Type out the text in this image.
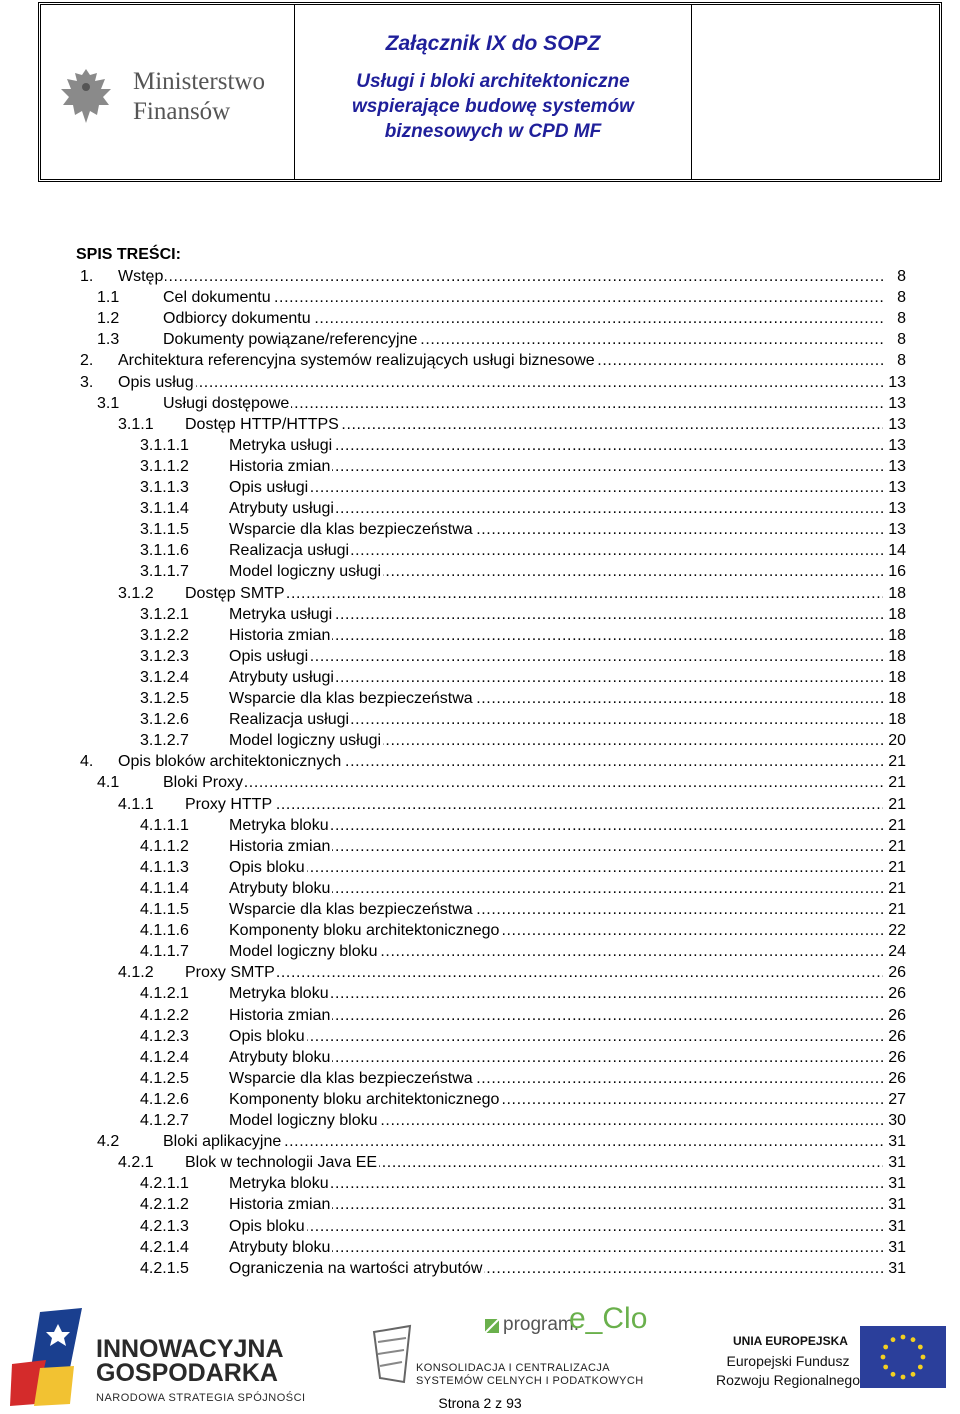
Ministerstwo
Finansów
Załącznik IX do SOPZ
Usługi i bloki architektoniczne
wspierające budowę systemów
biznesowych w CPD MF
SPIS TREŚCI:
1. Wstęp .....	8
1.1	Cel dokumentu .....	8
1.2	Odbiorcy dokumentu .....	8
1.3	Dokumenty powiązane/referencyjne .....	8
2. Architektura referencyjna systemów realizujących usługi biznesowe .....	8
3. Opis usług .....	13
3.1	Usługi dostępowe .....	13
3.1.1 Dostęp HTTP/HTTPS .....	13
3.1.1.1	Metryka usługi .....	13
3.1.1.2	Historia zmian .....	13
3.1.1.3	Opis usługi .....	13
3.1.1.4	Atrybuty usługi .....	13
3.1.1.5	Wsparcie dla klas bezpieczeństwa .....	13
3.1.1.6	Realizacja usługi .....	14
3.1.1.7	Model logiczny usługi .....	16
3.1.2 Dostęp SMTP .....	18
3.1.2.1	Metryka usługi .....	18
3.1.2.2	Historia zmian .....	18
3.1.2.3	Opis usługi .....	18
3.1.2.4	Atrybuty usługi .....	18
3.1.2.5	Wsparcie dla klas bezpieczeństwa .....	18
3.1.2.6	Realizacja usługi .....	18
3.1.2.7	Model logiczny usługi .....	20
4. Opis bloków architektonicznych .....	21
4.1	Bloki Proxy .....	21
4.1.1 Proxy HTTP .....	21
4.1.1.1	Metryka bloku .....	21
4.1.1.2	Historia zmian .....	21
4.1.1.3	Opis bloku .....	21
4.1.1.4	Atrybuty bloku .....	21
4.1.1.5	Wsparcie dla klas bezpieczeństwa .....	21
4.1.1.6	Komponenty bloku architektonicznego .....	22
4.1.1.7	Model logiczny bloku .....	24
4.1.2 Proxy SMTP .....	26
4.1.2.1	Metryka bloku .....	26
4.1.2.2	Historia zmian .....	26
4.1.2.3	Opis bloku .....	26
4.1.2.4	Atrybuty bloku .....	26
4.1.2.5	Wsparcie dla klas bezpieczeństwa .....	26
4.1.2.6	Komponenty bloku architektonicznego .....	27
4.1.2.7	Model logiczny bloku .....	30
4.2	Bloki aplikacyjne .....	31
4.2.1 Blok w technologii Java EE .....	31
4.2.1.1	Metryka bloku .....	31
4.2.1.2	Historia zmian .....	31
4.2.1.3	Opis bloku .....	31
4.2.1.4	Atrybuty bloku .....	31
4.2.1.5	Ograniczenia na wartości atrybutów .....	31
INNOWACYJNA
GOSPODARKA
NARODOWA STRATEGIA SPÓJNOŚCI
program.
e_Clo
KONSOLIDACJA I CENTRALIZACJA
SYSTEMÓW CELNYCH I PODATKOWYCH
UNIA EUROPEJSKA
Europejski Fundusz
Rozwoju Regionalnego
Strona 2 z 93
